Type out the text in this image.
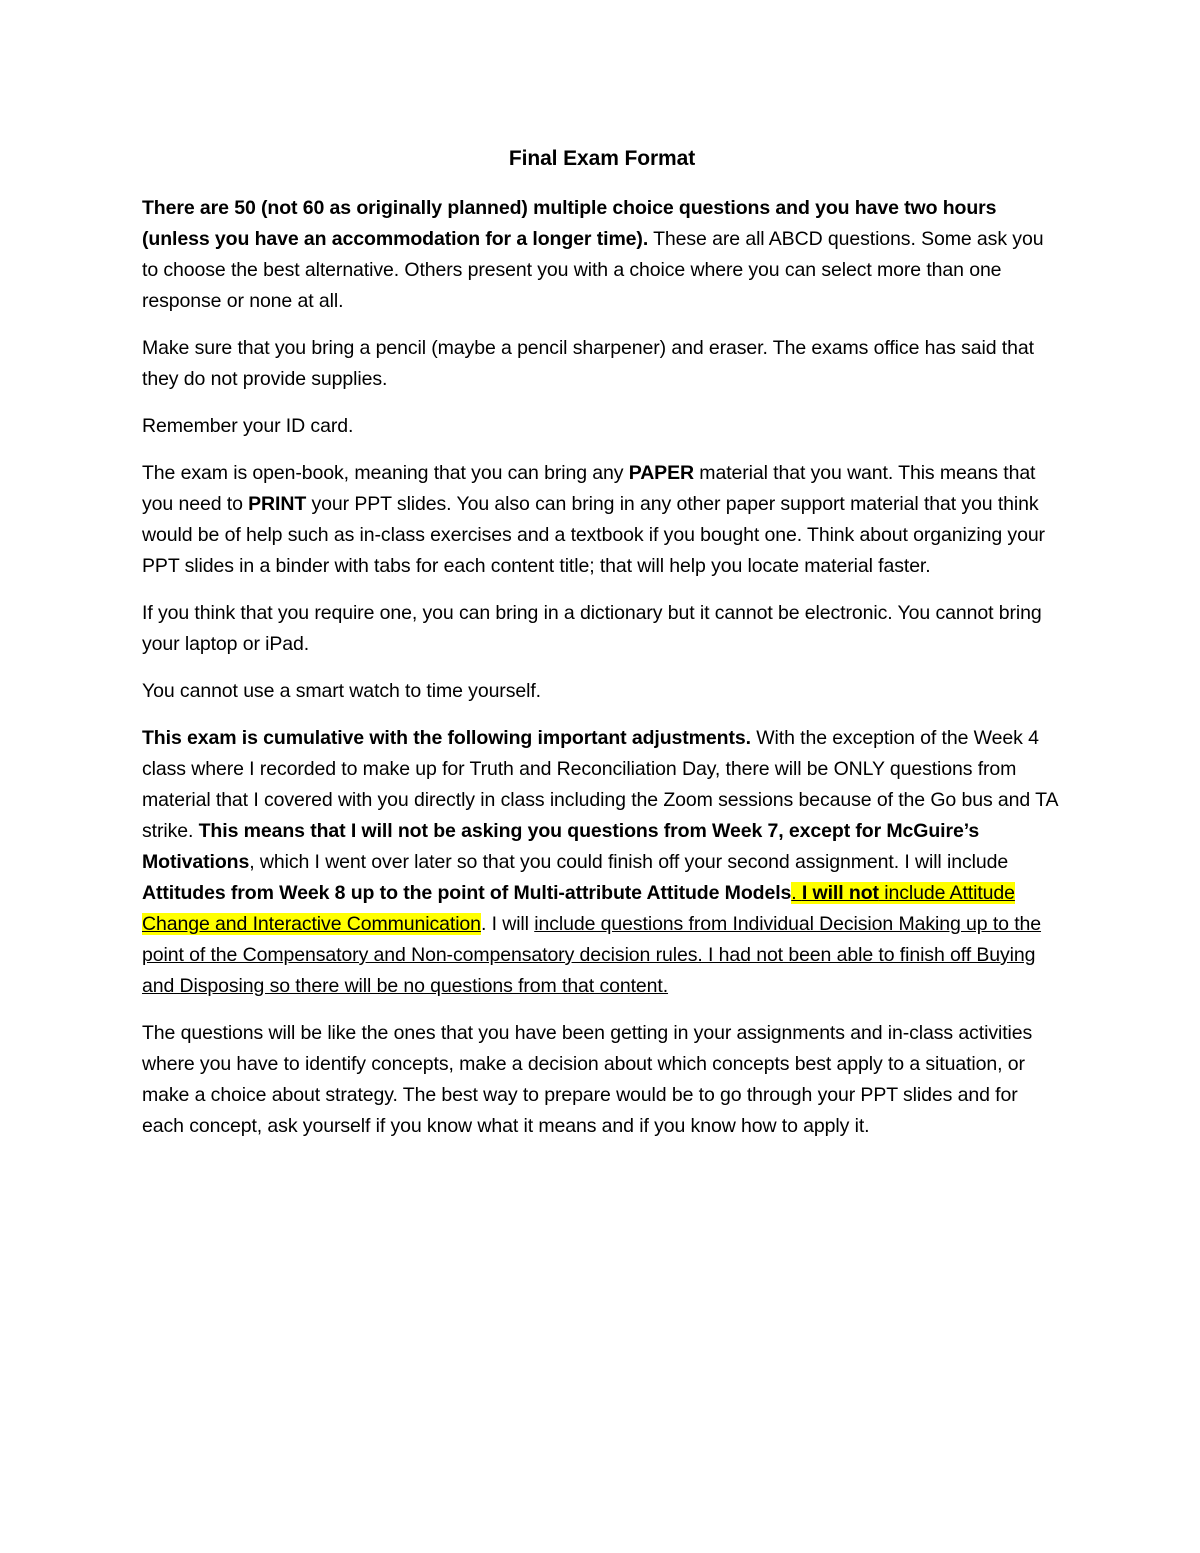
Final Exam Format

There are 50 (not 60 as originally planned) multiple choice questions and you have two hours (unless you have an accommodation for a longer time). These are all ABCD questions. Some ask you to choose the best alternative. Others present you with a choice where you can select more than one response or none at all.

Make sure that you bring a pencil (maybe a pencil sharpener) and eraser. The exams office has said that they do not provide supplies.

Remember your ID card.

The exam is open-book, meaning that you can bring any PAPER material that you want. This means that you need to PRINT your PPT slides. You also can bring in any other paper support material that you think would be of help such as in-class exercises and a textbook if you bought one. Think about organizing your PPT slides in a binder with tabs for each content title; that will help you locate material faster.

If you think that you require one, you can bring in a dictionary but it cannot be electronic. You cannot bring your laptop or iPad.

You cannot use a smart watch to time yourself.

This exam is cumulative with the following important adjustments. With the exception of the Week 4 class where I recorded to make up for Truth and Reconciliation Day, there will be ONLY questions from material that I covered with you directly in class including the Zoom sessions because of the Go bus and TA strike. This means that I will not be asking you questions from Week 7, except for McGuire’s Motivations, which I went over later so that you could finish off your second assignment. I will include Attitudes from Week 8 up to the point of Multi-attribute Attitude Models. I will not include Attitude Change and Interactive Communication. I will include questions from Individual Decision Making up to the point of the Compensatory and Non-compensatory decision rules. I had not been able to finish off Buying and Disposing so there will be no questions from that content.

The questions will be like the ones that you have been getting in your assignments and in-class activities where you have to identify concepts, make a decision about which concepts best apply to a situation, or make a choice about strategy. The best way to prepare would be to go through your PPT slides and for each concept, ask yourself if you know what it means and if you know how to apply it.
